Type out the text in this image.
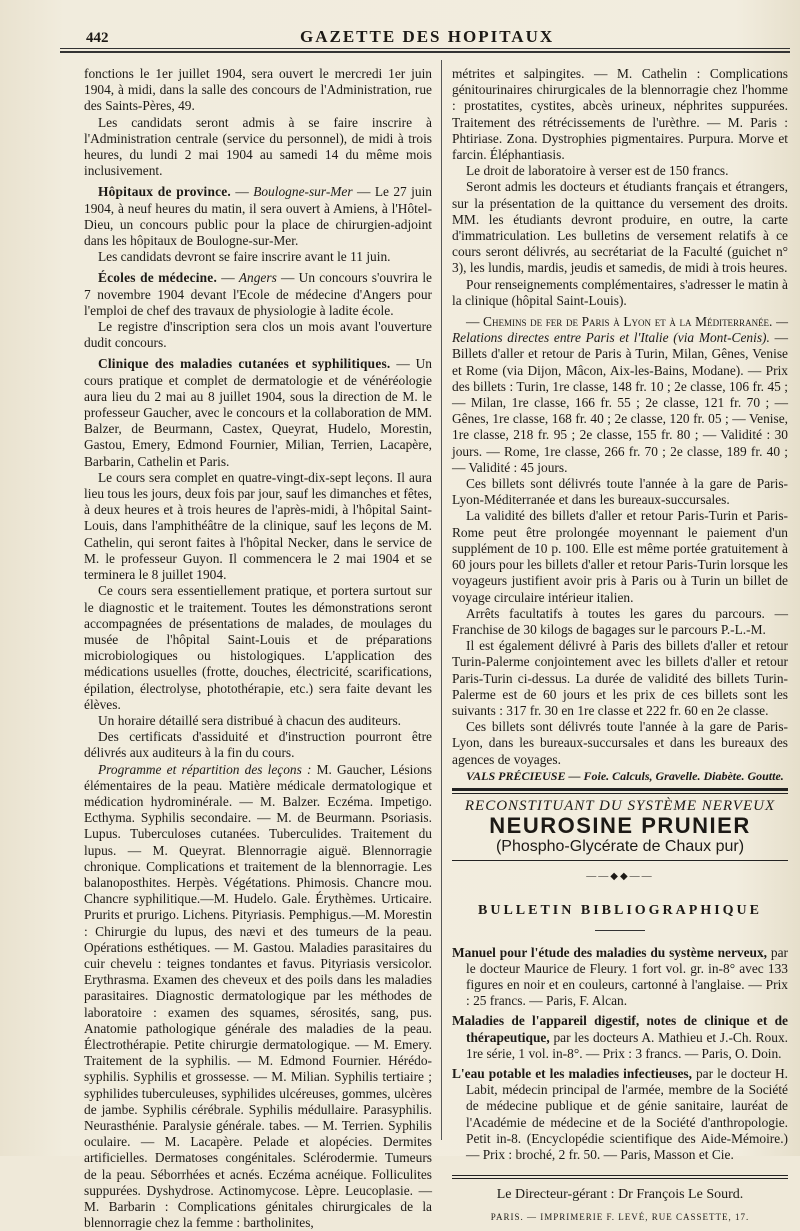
442	GAZETTE DES HOPITAUX

fonctions le 1er juillet 1904, sera ouvert le mercredi 1er juin 1904, à midi, dans la salle des concours de l'Administration, rue des Saints-Pères, 49.

Les candidats seront admis à se faire inscrire à l'Administration centrale (service du personnel), de midi à trois heures, du lundi 2 mai 1904 au samedi 14 du même mois inclusivement.

Hôpitaux de province. — Boulogne-sur-Mer — Le 27 juin 1904, à neuf heures du matin, il sera ouvert à Amiens, à l'Hôtel-Dieu, un concours public pour la place de chirurgien-adjoint dans les hôpitaux de Boulogne-sur-Mer.

Les candidats devront se faire inscrire avant le 11 juin.

Écoles de médecine. — Angers — Un concours s'ouvrira le 7 novembre 1904 devant l'Ecole de médecine d'Angers pour l'emploi de chef des travaux de physiologie à ladite école.

Le registre d'inscription sera clos un mois avant l'ouverture dudit concours.

Clinique des maladies cutanées et syphilitiques. — Un cours pratique et complet de dermatologie et de vénéréologie aura lieu du 2 mai au 8 juillet 1904, sous la direction de M. le professeur Gaucher, avec le concours et la collaboration de MM. Balzer, de Beurmann, Castex, Queyrat, Hudelo, Morestin, Gastou, Emery, Edmond Fournier, Milian, Terrien, Lacapère, Barbarin, Cathelin et Paris.

Le cours sera complet en quatre-vingt-dix-sept leçons. Il aura lieu tous les jours, deux fois par jour, sauf les dimanches et fêtes, à deux heures et à trois heures de l'après-midi, à l'hôpital Saint-Louis, dans l'amphithéâtre de la clinique, sauf les leçons de M. Cathelin, qui seront faites à l'hôpital Necker, dans le service de M. le professeur Guyon. Il commencera le 2 mai 1904 et se terminera le 8 juillet 1904.

Ce cours sera essentiellement pratique, et portera surtout sur le diagnostic et le traitement. Toutes les démonstrations seront accompagnées de présentations de malades, de moulages du musée de l'hôpital Saint-Louis et de préparations microbiologiques ou histologiques. L'application des médications usuelles (frotte, douches, électricité, scarifications, épilation, électrolyse, photothérapie, etc.) sera faite devant les élèves.

Un horaire détaillé sera distribué à chacun des auditeurs.

Des certificats d'assiduité et d'instruction pourront être délivrés aux auditeurs à la fin du cours.

Programme et répartition des leçons : M. Gaucher, Lésions élémentaires de la peau. Matière médicale dermatologique et médication hydrominérale. — M. Balzer. Eczéma. Impetigo. Ecthyma. Syphilis secondaire. — M. de Beurmann. Psoriasis. Lupus. Tuberculoses cutanées. Tuberculides. Traitement du lupus. — M. Queyrat. Blennorragie aiguë. Blennorragie chronique. Complications et traitement de la blennorragie. Les balanoposthites. Herpès. Végétations. Phimosis. Chancre mou. Chancre syphilitique.—M. Hudelo. Gale. Érythèmes. Urticaire. Prurits et prurigo. Lichens. Pityriasis. Pemphigus.—M. Morestin : Chirurgie du lupus, des nævi et des tumeurs de la peau. Opérations esthétiques. — M. Gastou. Maladies parasitaires du cuir chevelu : teignes tondantes et favus. Pityriasis versicolor. Erythrasma. Examen des cheveux et des poils dans les maladies parasitaires. Diagnostic dermatologique par les méthodes de laboratoire : examen des squames, sérosités, sang, pus. Anatomie pathologique générale des maladies de la peau. Électrothérapie. Petite chirurgie dermatologique. — M. Emery. Traitement de la syphilis. — M. Edmond Fournier. Hérédo-syphilis. Syphilis et grossesse. — M. Milian. Syphilis tertiaire ; syphilides tuberculeuses, syphilides ulcéreuses, gommes, ulcères de jambe. Syphilis cérébrale. Syphilis médullaire. Parasyphilis. Neurasthénie. Paralysie générale. tabes. — M. Terrien. Syphilis oculaire. — M. Lacapère. Pelade et alopécies. Dermites artificielles. Dermatoses congénitales. Sclérodermie. Tumeurs de la peau. Séborrhées et acnés. Eczéma acnéique. Folliculites suppurées. Dyshydrose. Actinomycose. Lèpre. Leucoplasie. — M. Barbarin : Complications génitales chirurgicales de la blennorragie chez la femme : bartholinites,

métrites et salpingites. — M. Cathelin : Complications génitourinaires chirurgicales de la blennorragie chez l'homme : prostatites, cystites, abcès urineux, néphrites suppurées. Traitement des rétrécissements de l'urèthre. — M. Paris : Phtiriase. Zona. Dystrophies pigmentaires. Purpura. Morve et farcin. Éléphantiasis.

Le droit de laboratoire à verser est de 150 francs.

Seront admis les docteurs et étudiants français et étrangers, sur la présentation de la quittance du versement des droits. MM. les étudiants devront produire, en outre, la carte d'immatriculation. Les bulletins de versement relatifs à ce cours seront délivrés, au secrétariat de la Faculté (guichet n° 3), les lundis, mardis, jeudis et samedis, de midi à trois heures.

Pour renseignements complémentaires, s'adresser le matin à la clinique (hôpital Saint-Louis).

— Chemins de fer de Paris à Lyon et à la Méditerranée. — Relations directes entre Paris et l'Italie (via Mont-Cenis). — Billets d'aller et retour de Paris à Turin, Milan, Gênes, Venise et Rome (via Dijon, Mâcon, Aix-les-Bains, Modane). — Prix des billets : Turin, 1re classe, 148 fr. 10 ; 2e classe, 106 fr. 45 ; — Milan, 1re classe, 166 fr. 55 ; 2e classe, 121 fr. 70 ; — Gênes, 1re classe, 168 fr. 40 ; 2e classe, 120 fr. 05 ; — Venise, 1re classe, 218 fr. 95 ; 2e classe, 155 fr. 80 ; — Validité : 30 jours. — Rome, 1re classe, 266 fr. 70 ; 2e classe, 189 fr. 40 ; — Validité : 45 jours.

Ces billets sont délivrés toute l'année à la gare de Paris-Lyon-Méditerranée et dans les bureaux-succursales.

La validité des billets d'aller et retour Paris-Turin et Paris-Rome peut être prolongée moyennant le paiement d'un supplément de 10 p. 100. Elle est même portée gratuitement à 60 jours pour les billets d'aller et retour Paris-Turin lorsque les voyageurs justifient avoir pris à Paris ou à Turin un billet de voyage circulaire intérieur italien.

Arrêts facultatifs à toutes les gares du parcours. — Franchise de 30 kilogs de bagages sur le parcours P.-L.-M.

Il est également délivré à Paris des billets d'aller et retour Turin-Palerme conjointement avec les billets d'aller et retour Paris-Turin ci-dessus. La durée de validité des billets Turin-Palerme est de 60 jours et les prix de ces billets sont les suivants : 317 fr. 30 en 1re classe et 222 fr. 60 en 2e classe.

Ces billets sont délivrés toute l'année à la gare de Paris-Lyon, dans les bureaux-succursales et dans les bureaux des agences de voyages.

VALS PRÉCIEUSE — Foie. Calculs, Gravelle. Diabète. Goutte.

RECONSTITUANT DU SYSTÈME NERVEUX
NEUROSINE PRUNIER
(Phospho-Glycérate de Chaux pur)
——◆◆——
BULLETIN BIBLIOGRAPHIQUE

Manuel pour l'étude des maladies du système nerveux, par le docteur Maurice de Fleury. 1 fort vol. gr. in-8° avec 133 figures en noir et en couleurs, cartonné à l'anglaise. — Prix : 25 francs. — Paris, F. Alcan.

Maladies de l'appareil digestif, notes de clinique et de thérapeutique, par les docteurs A. Mathieu et J.-Ch. Roux. 1re série, 1 vol. in-8°. — Prix : 3 francs. — Paris, O. Doin.

L'eau potable et les maladies infectieuses, par le docteur H. Labit, médecin principal de l'armée, membre de la Société de médecine publique et de génie sanitaire, lauréat de l'Académie de médecine et de la Société d'anthropologie. Petit in-8. (Encyclopédie scientifique des Aide-Mémoire.) — Prix : broché, 2 fr. 50. — Paris, Masson et Cie.

Le Directeur-gérant : Dr François Le Sourd.
PARIS. — IMPRIMERIE F. LEVÉ, RUE CASSETTE, 17.
